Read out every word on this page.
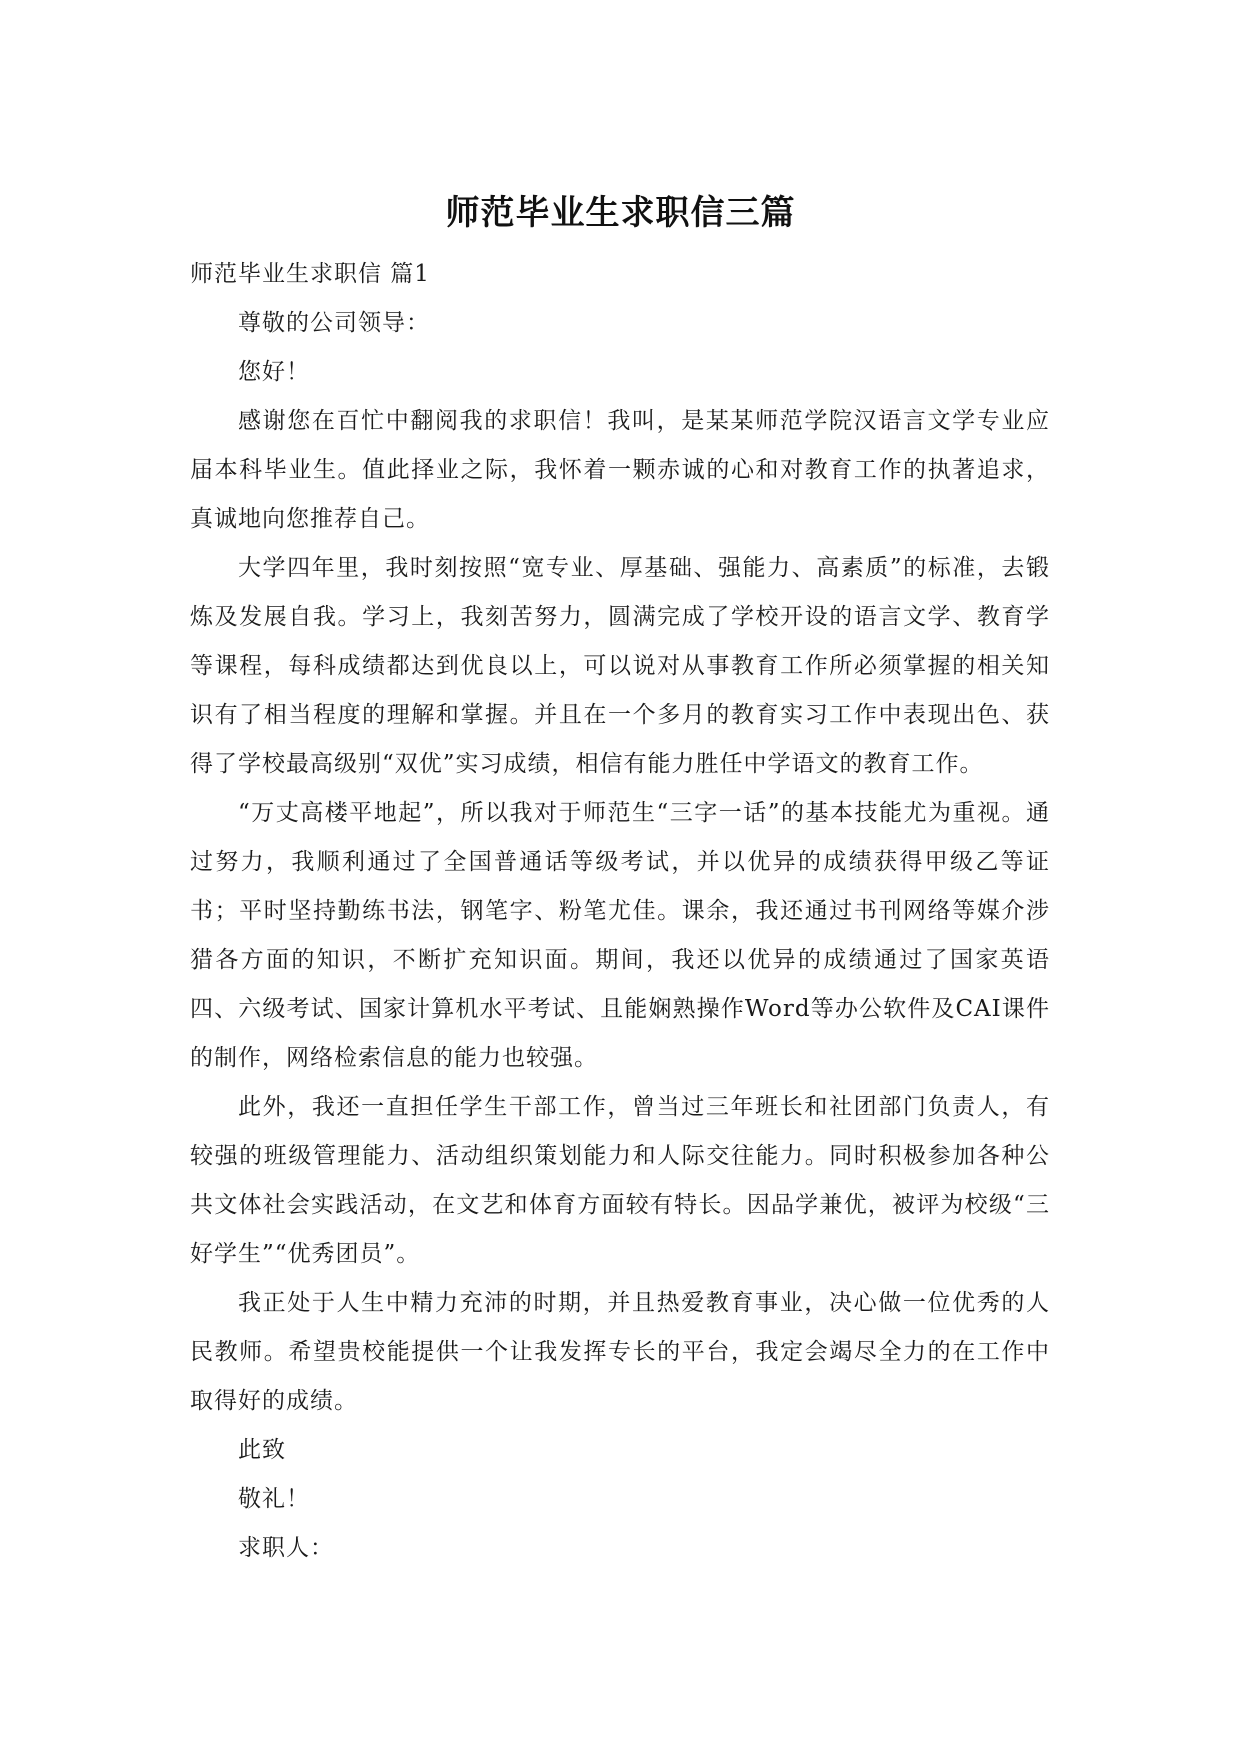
师范毕业生求职信三篇

师范毕业生求职信 篇1

尊敬的公司领导：

您好！

感谢您在百忙中翻阅我的求职信！我叫，是某某师范学院汉语言文学专业应届本科毕业生。值此择业之际，我怀着一颗赤诚的心和对教育工作的执著追求，真诚地向您推荐自己。

大学四年里，我时刻按照“宽专业、厚基础、强能力、高素质”的标准，去锻炼及发展自我。学习上，我刻苦努力，圆满完成了学校开设的语言文学、教育学等课程，每科成绩都达到优良以上，可以说对从事教育工作所必须掌握的相关知识有了相当程度的理解和掌握。并且在一个多月的教育实习工作中表现出色、获得了学校最高级别“双优”实习成绩，相信有能力胜任中学语文的教育工作。

“万丈高楼平地起”，所以我对于师范生“三字一话”的基本技能尤为重视。通过努力，我顺利通过了全国普通话等级考试，并以优异的成绩获得甲级乙等证书；平时坚持勤练书法，钢笔字、粉笔尤佳。课余，我还通过书刊网络等媒介涉猎各方面的知识，不断扩充知识面。期间，我还以优异的成绩通过了国家英语四、六级考试、国家计算机水平考试、且能娴熟操作Word等办公软件及CAI课件的制作，网络检索信息的能力也较强。

此外，我还一直担任学生干部工作，曾当过三年班长和社团部门负责人，有较强的班级管理能力、活动组织策划能力和人际交往能力。同时积极参加各种公共文体社会实践活动，在文艺和体育方面较有特长。因品学兼优，被评为校级“三好学生”“优秀团员”。

我正处于人生中精力充沛的时期，并且热爱教育事业，决心做一位优秀的人民教师。希望贵校能提供一个让我发挥专长的平台，我定会竭尽全力的在工作中取得好的成绩。

此致

敬礼！

求职人：
